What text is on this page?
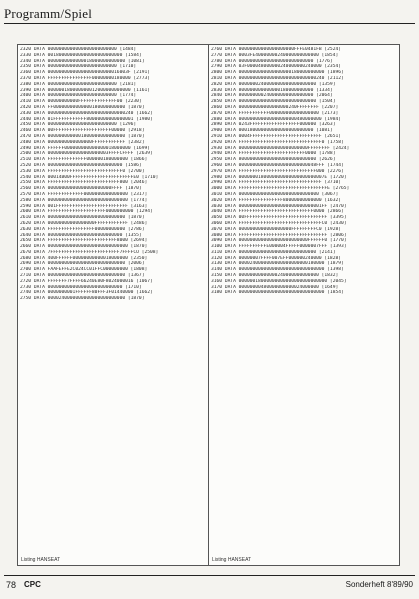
Programm/Spiel
2320 DATA 0000000000000000000000000 [1484]
2330 DATA 001800000000000000000000000 [1584]
2340 DATA 0000000000000018000000000000 [1081]
2350 DATA 0000000000000000000000000 [1710]
2360 DATA 00000000000000000000000016003F [2191]
2370 DATA FFFFFFFFFFFFFFFF00000000180000 [2773]
2380 DATA 0000000000000000000000000 [2181]
2390 DATA 000000180000000012000000000000 [1161]
2400 DATA 0000000000000000000000000 [1774]
2410 DATA 00000000000FFFFFFFFFFFFFF00 [2230]
2420 DATA FF00000000000000180000000000 [1870]
2430 DATA 0000000000000000000000000000240 [1662]
2440 DATA 01FFFFFFFFFFFF80000000000000001 [1980]
2450 DATA 0000000000000000000000000 [1296]
2460 DATA 00FFFFFFFFFFFFFFFFFFFFF00000 [2918]
2470 DATA 0000000000001800000000000000 [1870]
2480 DATA 0000000000000000FFFFFFFFFFFF [2382]
2490 DATA FFFFFF000000000000000018000000 [1699]
2500 DATA 0000000000000000000003FFFFCFFFF [2639]
2510 DATA FFFFFFFFFFFFFF000000180000000 [1866]
2520 DATA 000000000000000000000000000 [1586]
2530 DATA FFFFFFFFFFFFFFFFFFFFFFFFFFF0 [2700]
2540 DATA 00014B00FFFFFFFFFFFFFFFFFFFFFFFE0 [1710]
2550 DATA FFFFFFFFFFFFFFFFFFFFFFFFFF800 [2046]
2560 DATA 00000000000000000000000FFFF [1870]
2570 DATA FFFFFFFFFFFFF0000000000000000 [2317]
2580 DATA 00000000000000000000000000000 [1774]
2590 DATA 001FFFFFFFFFFFFFFFFFFFFFFFFFF [3163]
2600 DATA FFFFFFFFFFFFFFFFFFFFF0000000000 [1294]
2610 DATA 0000000000000000000000000000 [1870]
2620 DATA 00000000000000000FFFFFFFFFFFF [2486]
2630 DATA FFFFFFFFFFFFFFFFF00000000000 [2786]
2640 DATA 800000000000000000000000000 [1355]
2650 DATA FFFFFFFFFFFFFFFFFFFFFFFFF8000 [2694]
2660 DATA 00000000000000000000000000000 [1870]
2670 DATA 7FFFFFFFFFFFFFFFFFFFFFFFFF7FFFFCO [2508]
2680 DATA 400FFFFFF00000000000018000000 [2350]
2690 DATA 0000000000000000000000000000 [2006]
2700 DATA FAAFEFFE2C024CC01FFC000000000 [1808]
2710 DATA 0000000000000000000000000000 [1367]
2720 DATA FFFFFFF7FFFF66240E80F8024000016 [1067]
2730 DATA 000000000000000000000000000 [1710]
2740 DATA 0000000001FFFFFF80FFF3F01440000 [1662]
2750 DATA 0000240000000000000000000000 [1870]
Listing HANSEAT
2760 DATA 00000000000000000000FFFE0481FB [2524]
2770 DATA 0003FE40000000240000000000000 [1854]
2780 DATA 000000000000000000000000000 [1776]
2790 DATA 03F000048000000240000000240000 [2354]
2800 DATA 0000000000000000000180000000000 [1896]
2810 DATA 0000000000000000000000000000240 [2112]
2820 DATA 0000000240000000000000000000 [1359]
2830 DATA 800000000000000180000000000 [1334]
2840 DATA 800000000240000000000000000 [2064]
2850 DATA 0000000000000000000000000000 [1504]
2860 DATA 000000000000000000240FFFFFFFF [2207]
2870 DATA FFFFFFFFFFF000000000000000000 [2173]
2880 DATA 000000000000000000000480000000 [1984]
2890 DATA 0243FFFFFFFFFFFFFFFFFF000000 [3263]
2900 DATA 000180000000000000000000000 [1081]
2910 DATA 0004FFFFFFFFFFFFFFFFFFFFFFFFFF [2651]
2920 DATA FFFFFFFFFFFFFFFFFFFFFFFFFFFFFF0 [1758]
2930 DATA 0000000000000000000000000FFFFFFFF [2424]
2940 DATA FFFFFFFFFFFFFFFFFFFFFFFF0000 [1788]
2950 DATA 8000000000000000000000000000 [2626]
2960 DATA 0000000000000000000000000048FFF [1744]
2970 DATA FFFFFFFFFFFFFFFFFFFFFFFFFFFF000 [2276]
2980 DATA 0000000180000000000000000000007E [1720]
2990 DATA FFFFFFFFFFFFFFFFFFFFFFFFFFFFFF [3710]
3000 DATA FFFFFFFFFFFFFFFFFFFFFFFFFFFFFFFFE [2765]
3010 DATA 00000000000000000000000000000 [3067]
3020 DATA FFFFFFFFFFFFFFFF80000000000000 [1632]
3030 DATA 000000000000000000000000000001FF [2470]
3040 DATA FFFFFFFFFFFFFFFFFFFFFFFFFFF0000 [2866]
3050 DATA 00FFFFFFFFFFFFFFFFFFFFFFFFFFFFFF [3395]
3060 DATA FFFFFFFFFFFFFFFFFFFFFFFFFFFFFFC0 [2430]
3070 DATA 0000000000000000000FFFFFFFFFC0 [1928]
3080 DATA FFFFFFFFFFFFFFFFFFFFFFFFFFFFFFFF [2806]
3090 DATA 0000000000000000000000000FFFFFF0 [1770]
3100 DATA FFFFFFFFFFE000004FFFFF0000007FFF [1393]
3110 DATA 0000000000000000000000000000 [2141]
3120 DATA 00000007FFFF007EFF000000240000 [1828]
3130 DATA 0000240000000000000000000180000 [1879]
3140 DATA 0000000000000000000000000000000 [1398]
3150 DATA 00000000000000240000000000000 [1832]
3160 DATA 00000018000000000000000000000000 [2045]
3170 DATA 00000000480000000000024000000 [1649]
3180 DATA 0000000000000000000000000000000 [1854]
Listing HANSEAT
78 CPC	Sonderheft 8'89/90
